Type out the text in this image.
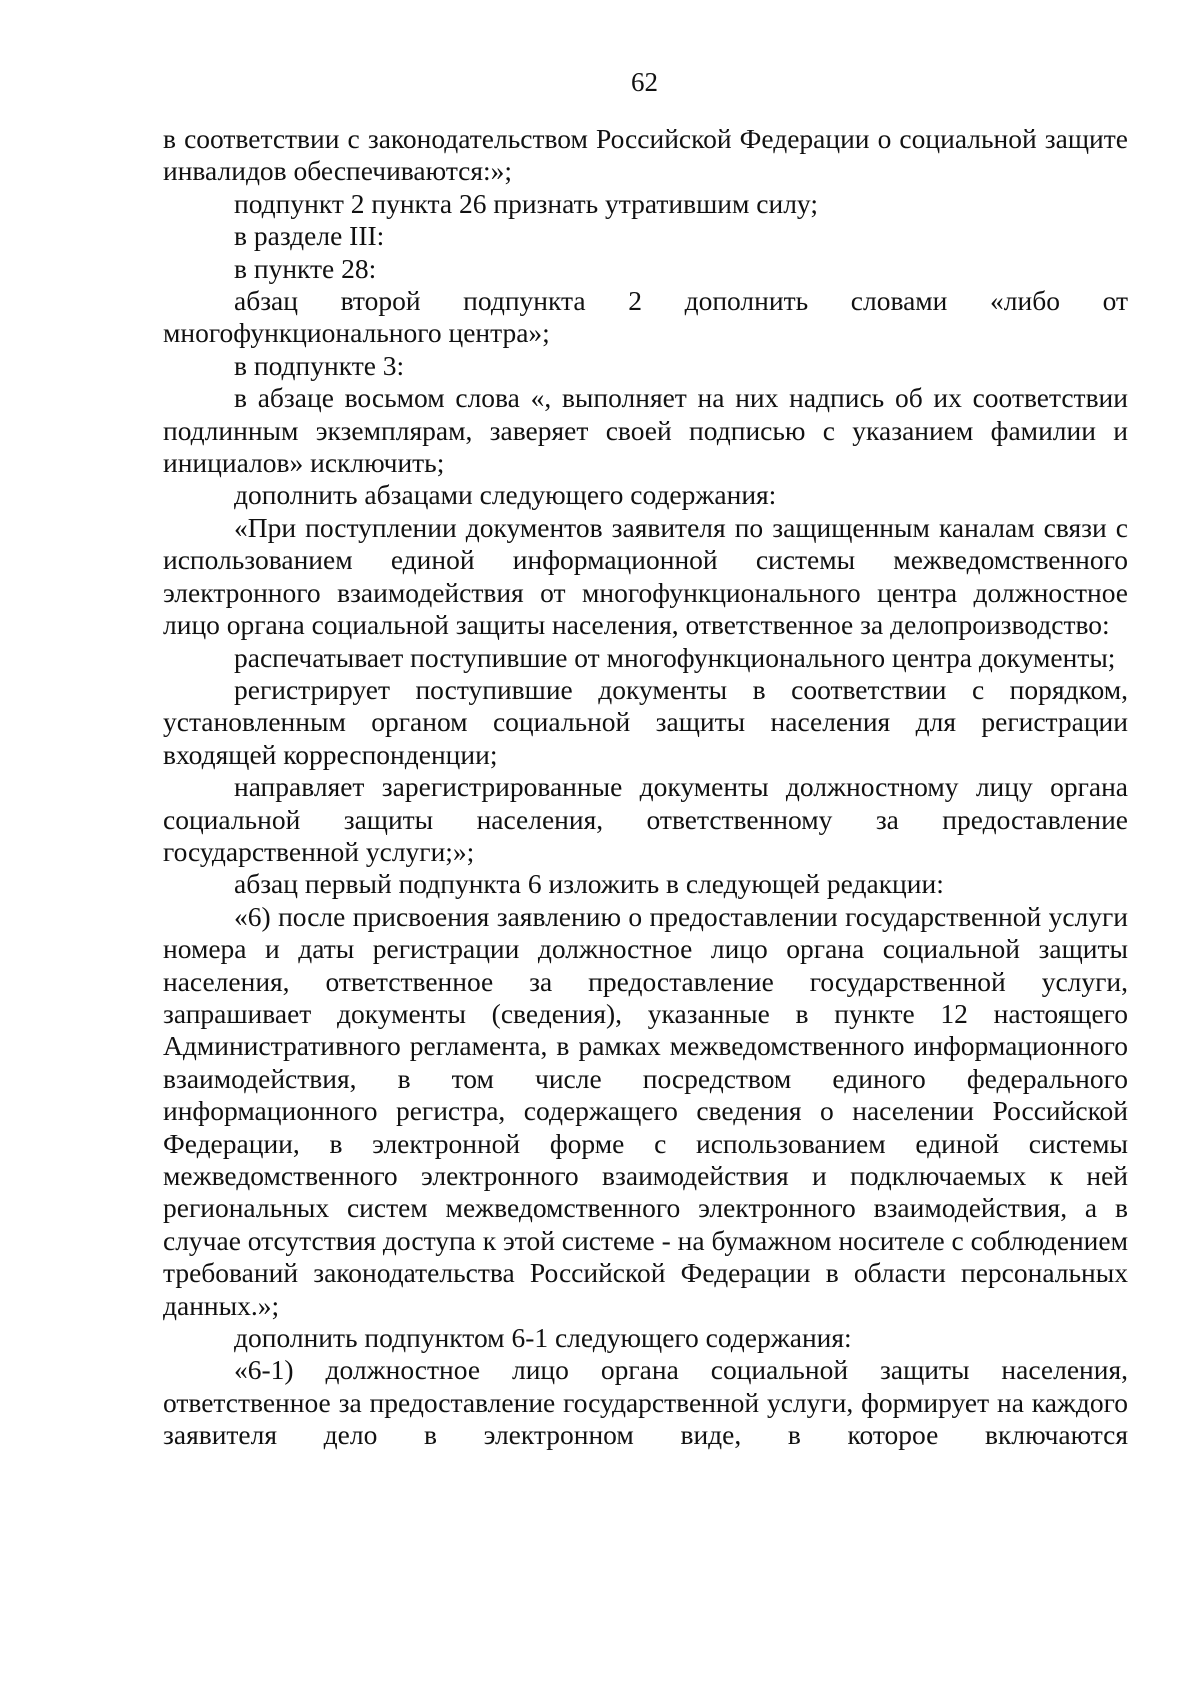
62

в соответствии с законодательством Российской Федерации о социальной защите инвалидов обеспечиваются:»;

подпункт 2 пункта 26 признать утратившим силу;

в разделе III:

в пункте 28:

абзац второй подпункта 2 дополнить словами «либо от многофункционального центра»;

в подпункте 3:

в абзаце восьмом слова «, выполняет на них надпись об их соответствии подлинным экземплярам, заверяет своей подписью с указанием фамилии и инициалов» исключить;

дополнить абзацами следующего содержания:

«При поступлении документов заявителя по защищенным каналам связи с использованием единой информационной системы межведомственного электронного взаимодействия от многофункционального центра должностное лицо органа социальной защиты населения, ответственное за делопроизводство:

распечатывает поступившие от многофункционального центра документы;

регистрирует поступившие документы в соответствии с порядком, установленным органом социальной защиты населения для регистрации входящей корреспонденции;

направляет зарегистрированные документы должностному лицу органа социальной защиты населения, ответственному за предоставление государственной услуги;»;

абзац первый подпункта 6 изложить в следующей редакции:

«6) после присвоения заявлению о предоставлении государственной услуги номера и даты регистрации должностное лицо органа социальной защиты населения, ответственное за предоставление государственной услуги, запрашивает документы (сведения), указанные в пункте 12 настоящего Административного регламента, в рамках межведомственного информационного взаимодействия, в том числе посредством единого федерального информационного регистра, содержащего сведения о населении Российской Федерации, в электронной форме с использованием единой системы межведомственного электронного взаимодействия и подключаемых к ней региональных систем межведомственного электронного взаимодействия, а в случае отсутствия доступа к этой системе - на бумажном носителе с соблюдением требований законодательства Российской Федерации в области персональных данных.»;

дополнить подпунктом 6-1 следующего содержания:

«6-1) должностное лицо органа социальной защиты населения, ответственное за предоставление государственной услуги, формирует на каждого заявителя дело в электронном виде, в которое включаются
